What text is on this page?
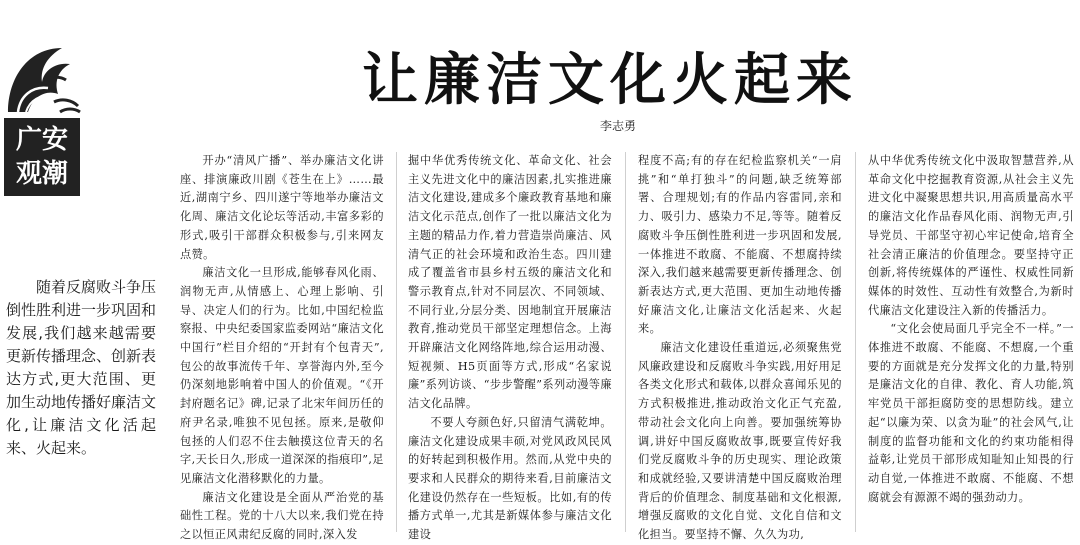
广安
观潮
让廉洁文化火起来
李志勇

随着反腐败斗争压倒性胜利进一步巩固和发展,我们越来越需要更新传播理念、创新表达方式,更大范围、更加生动地传播好廉洁文化,让廉洁文化活起来、火起来。

开办“清风广播”、举办廉洁文化讲座、排演廉政川剧《苍生在上》……最近,湖南宁乡、四川遂宁等地举办廉洁文化周、廉洁文化论坛等活动,丰富多彩的形式,吸引干部群众积极参与,引来网友点赞。

廉洁文化一旦形成,能够春风化雨、润物无声,从情感上、心理上影响、引导、决定人们的行为。比如,中国纪检监察报、中央纪委国家监委网站“廉洁文化中国行”栏目介绍的“开封有个包青天”,包公的故事流传千年、享誉海内外,至今仍深刻地影响着中国人的价值观。“《开封府题名记》碑,记录了北宋年间历任的府尹名录,唯独不见包拯。原来,是敬仰包拯的人们忍不住去触摸这位青天的名字,天长日久,形成一道深深的指痕印”,足见廉洁文化潜移默化的力量。

廉洁文化建设是全面从严治党的基础性工程。党的十八大以来,我们党在持之以恒正风肃纪反腐的同时,深入发

掘中华优秀传统文化、革命文化、社会主义先进文化中的廉洁因素,扎实推进廉洁文化建设,建成多个廉政教育基地和廉洁文化示范点,创作了一批以廉洁文化为主题的精品力作,着力营造崇尚廉洁、风清气正的社会环境和政治生态。四川建成了覆盖省市县乡村五级的廉洁文化和警示教育点,针对不同层次、不同领域、不同行业,分层分类、因地制宜开展廉洁教育,推动党员干部坚定理想信念。上海开辟廉洁文化网络阵地,综合运用动漫、短视频、H5页面等方式,形成“名家说廉”系列访谈、“步步警醒”系列动漫等廉洁文化品牌。

不要人夸颜色好,只留清气满乾坤。廉洁文化建设成果丰硕,对党风政风民风的好转起到积极作用。然而,从党中央的要求和人民群众的期待来看,目前廉洁文化建设仍然存在一些短板。比如,有的传播方式单一,尤其是新媒体参与廉洁文化建设

程度不高;有的存在纪检监察机关“一肩挑”和“单打独斗”的问题,缺乏统筹部署、合理规划;有的作品内容雷同,亲和力、吸引力、感染力不足,等等。随着反腐败斗争压倒性胜利进一步巩固和发展,一体推进不敢腐、不能腐、不想腐持续深入,我们越来越需要更新传播理念、创新表达方式,更大范围、更加生动地传播好廉洁文化,让廉洁文化活起来、火起来。

廉洁文化建设任重道远,必须聚焦党风廉政建设和反腐败斗争实践,用好用足各类文化形式和载体,以群众喜闻乐见的方式积极推进,推动政治文化正气充盈,带动社会文化向上向善。要加强统筹协调,讲好中国反腐败故事,既要宣传好我们党反腐败斗争的历史现实、理论政策和成就经验,又要讲清楚中国反腐败治理背后的价值理念、制度基础和文化根源,增强反腐败的文化自觉、文化自信和文化担当。要坚持不懈、久久为功,

从中华优秀传统文化中汲取智慧营养,从革命文化中挖掘教育资源,从社会主义先进文化中凝聚思想共识,用高质量高水平的廉洁文化作品春风化雨、润物无声,引导党员、干部坚守初心牢记使命,培育全社会清正廉洁的价值理念。要坚持守正创新,将传统媒体的严谨性、权威性同新媒体的时效性、互动性有效整合,为新时代廉洁文化建设注入新的传播活力。

“文化会使局面几乎完全不一样。”一体推进不敢腐、不能腐、不想腐,一个重要的方面就是充分发挥文化的力量,特别是廉洁文化的自律、教化、育人功能,筑牢党员干部拒腐防变的思想防线。建立起“以廉为荣、以贪为耻”的社会风气,让制度的监督功能和文化的约束功能相得益彰,让党员干部形成知耻知止知畏的行动自觉,一体推进不敢腐、不能腐、不想腐就会有源源不竭的强劲动力。
